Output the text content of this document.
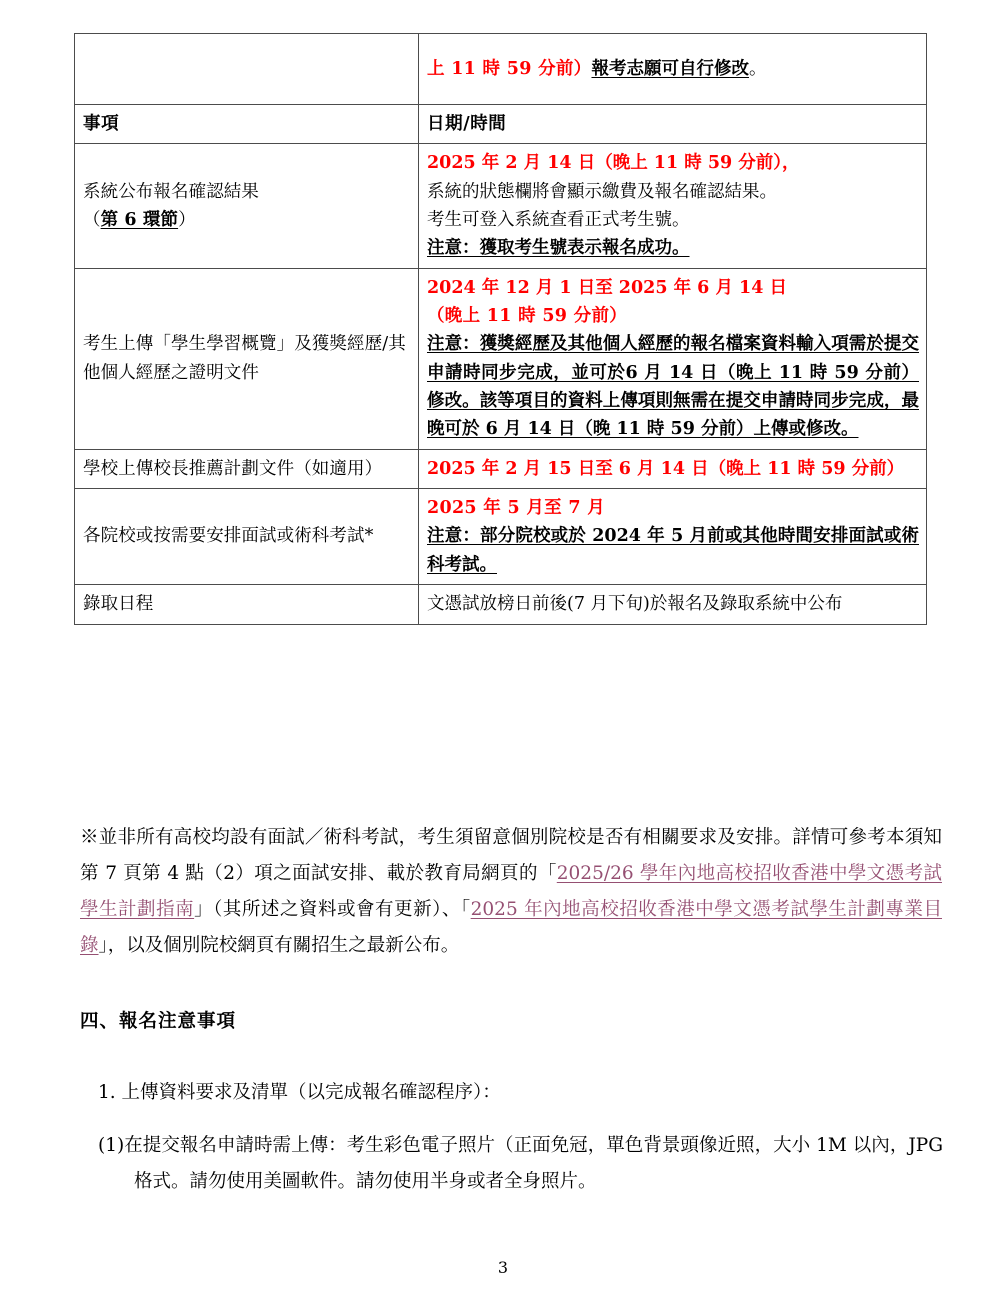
	上 11 時 59 分前）報考志願可自行修改。
事項	日期/時間

系統公布報名確認結果
（第 6 環節）	2025 年 2 月 14 日（晚上 11 時 59 分前），
系統的狀態欄將會顯示繳費及報名確認結果。
考生可登入系統查看正式考生號。
注意：獲取考生號表示報名成功。

考生上傳「學生學習概覽」及獲獎經歷/其他個人經歷之證明文件	2024 年 12 月 1 日至 2025 年 6 月 14 日
（晚上 11 時 59 分前）
注意：獲獎經歷及其他個人經歷的報名檔案資料輸入項需於提交申請時同步完成，並可於6 月 14 日（晚上 11 時 59 分前）修改。該等項目的資料上傳項則無需在提交申請時同步完成，最晚可於 6 月 14 日（晚 11 時 59 分前）上傳或修改。

學校上傳校長推薦計劃文件（如適用）	2025 年 2 月 15 日至 6 月 14 日（晚上 11 時 59 分前）

各院校或按需要安排面試或術科考試*	2025 年 5 月至 7 月
注意：部分院校或於 2024 年 5 月前或其他時間安排面試或術科考試。

錄取日程	文憑試放榜日前後(7 月下旬)於報名及錄取系統中公布
※並非所有高校均設有面試／術科考試，考生須留意個別院校是否有相關要求及安排。詳情可參考本須知第 7 頁第 4 點（2）項之面試安排、載於教育局網頁的「2025/26 學年內地高校招收香港中學文憑考試學生計劃指南」（其所述之資料或會有更新）、「2025 年內地高校招收香港中學文憑考試學生計劃專業目錄」，以及個別院校網頁有關招生之最新公布。
四、報名注意事項
1. 上傳資料要求及清單（以完成報名確認程序）：
(1)在提交報名申請時需上傳：考生彩色電子照片（正面免冠，單色背景頭像近照，大小 1M 以內，JPG 格式。請勿使用美圖軟件。請勿使用半身或者全身照片。
3
